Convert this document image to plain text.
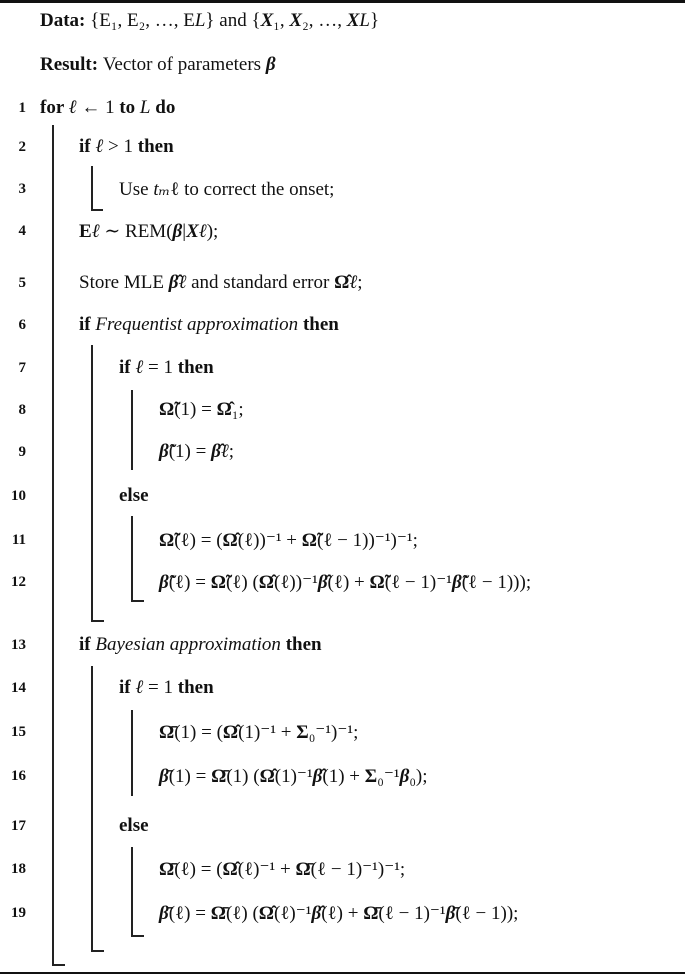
Data: {E₁, E₂, …, EL} and {X₁, X₂, …, XL}
Result: Vector of parameters β
1 for ℓ ← 1 to L do
2	if ℓ > 1 then
3	Use tₘℓ to correct the onset;
4	Eℓ ∼ REM(β|Xℓ);
5	Store MLE β̂ℓ and standard error Ω̂ℓ;
6	if Frequentist approximation then
7	if ℓ = 1 then
8	Ω̃(1) = Ω̂₁;
9	β̃(1) = β̂ℓ;
10	else
11	Ω̃(ℓ) = (Ω̂(ℓ))⁻¹ + Ω̃(ℓ − 1))⁻¹)⁻¹;
12	β̃(ℓ) = Ω̃(ℓ) (Ω̂(ℓ))⁻¹β̂(ℓ) + Ω̃(ℓ − 1)⁻¹β̃(ℓ − 1)));
13	if Bayesian approximation then
14	if ℓ = 1 then
15	Ω̄(1) = (Ω̂(1)⁻¹ + Σ₀⁻¹)⁻¹;
16	β̄(1) = Ω̄(1) (Ω̂(1)⁻¹β̂(1) + Σ₀⁻¹β₀);
17	else
18	Ω̄(ℓ) = (Ω̂(ℓ)⁻¹ + Ω̄(ℓ − 1)⁻¹)⁻¹;
19	β̄(ℓ) = Ω̄(ℓ) (Ω̂(ℓ)⁻¹β̂(ℓ) + Ω̄(ℓ − 1)⁻¹β̄(ℓ − 1));
